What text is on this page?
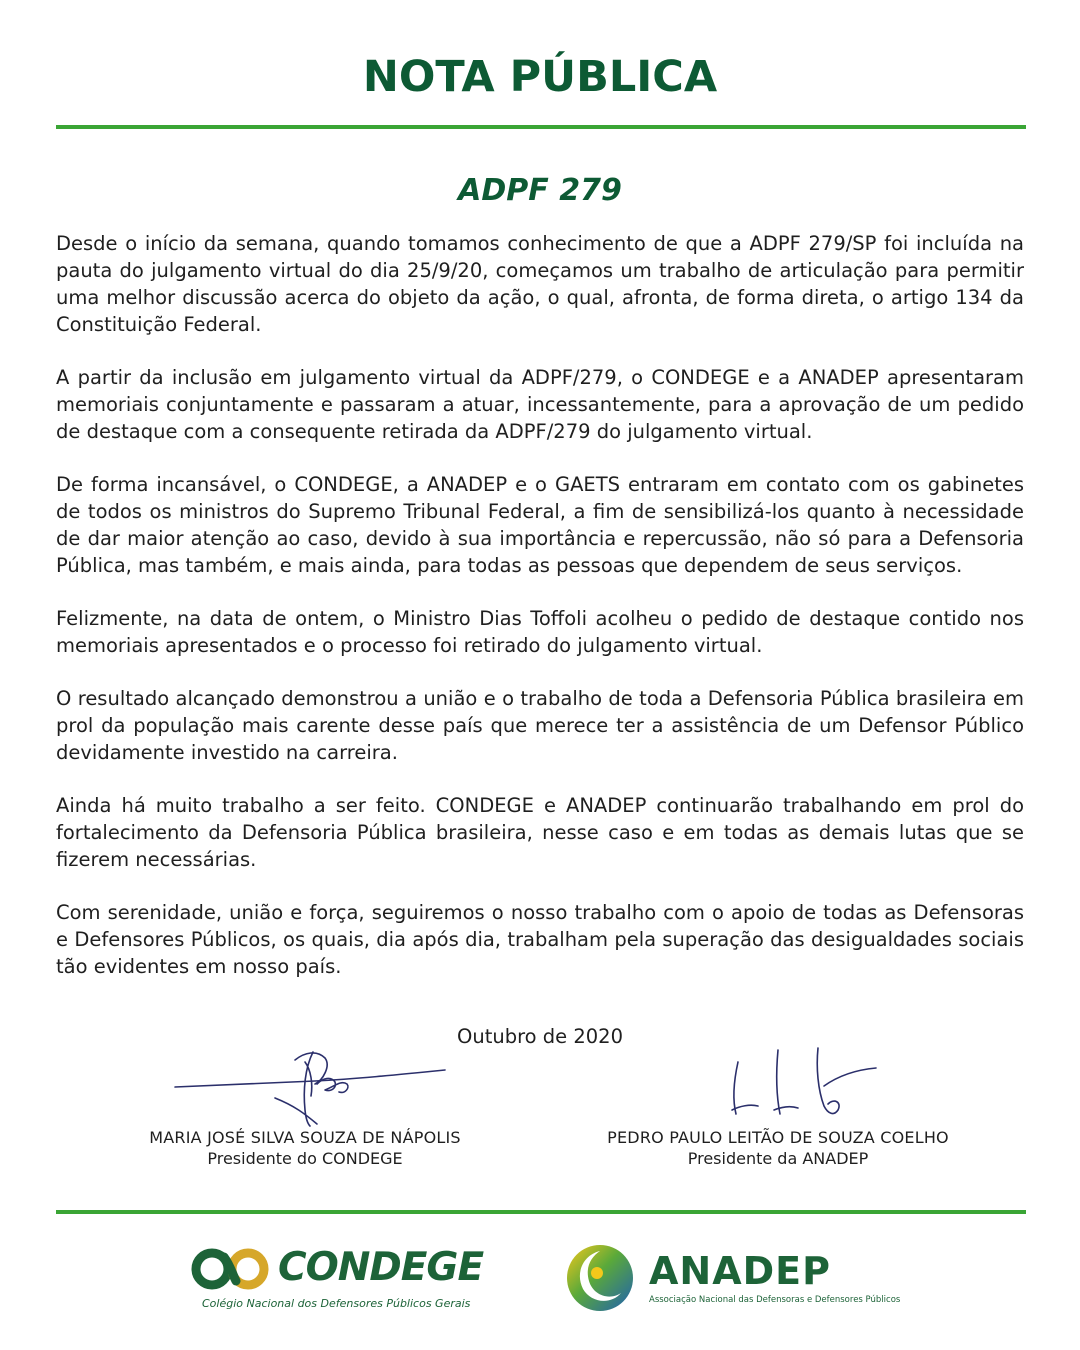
NOTA PÚBLICA
ADPF 279

Desde o início da semana, quando tomamos conhecimento de que a ADPF 279/SP foi incluída na pauta do julgamento virtual do dia 25/9/20, começamos um trabalho de articulação para permitir uma melhor discussão acerca do objeto da ação, o qual, afronta, de forma direta, o artigo 134 da Constituição Federal.

A partir da inclusão em julgamento virtual da ADPF/279, o CONDEGE e a ANADEP apresentaram memoriais conjuntamente e passaram a atuar, incessantemente, para a aprovação de um pedido de destaque com a consequente retirada da ADPF/279 do julgamento virtual.

De forma incansável, o CONDEGE, a ANADEP e o GAETS entraram em contato com os gabinetes de todos os ministros do Supremo Tribunal Federal, a fim de sensibilizá-los quanto à necessidade de dar maior atenção ao caso, devido à sua importância e repercussão, não só para a Defensoria Pública, mas também, e mais ainda, para todas as pessoas que dependem de seus serviços.

Felizmente, na data de ontem, o Ministro Dias Toffoli acolheu o pedido de destaque contido nos memoriais apresentados e o processo foi retirado do julgamento virtual.

O resultado alcançado demonstrou a união e o trabalho de toda a Defensoria Pública brasileira em prol da população mais carente desse país que merece ter a assistência de um Defensor Público devidamente investido na carreira.

Ainda há muito trabalho a ser feito. CONDEGE e ANADEP continuarão trabalhando em prol do fortalecimento da Defensoria Pública brasileira, nesse caso e em todas as demais lutas que se fizerem necessárias.

Com serenidade, união e força, seguiremos o nosso trabalho com o apoio de todas as Defensoras e Defensores Públicos, os quais, dia após dia, trabalham pela superação das desigualdades sociais tão evidentes em nosso país.

Outubro de 2020

MARIA JOSÉ SILVA SOUZA DE NÁPOLIS

Presidente do CONDEGE

PEDRO PAULO LEITÃO DE SOUZA COELHO

Presidente da ANADEP

CONDEGE

Colégio Nacional dos Defensores Públicos Gerais

ANADEP

Associação Nacional das Defensoras e Defensores Públicos
